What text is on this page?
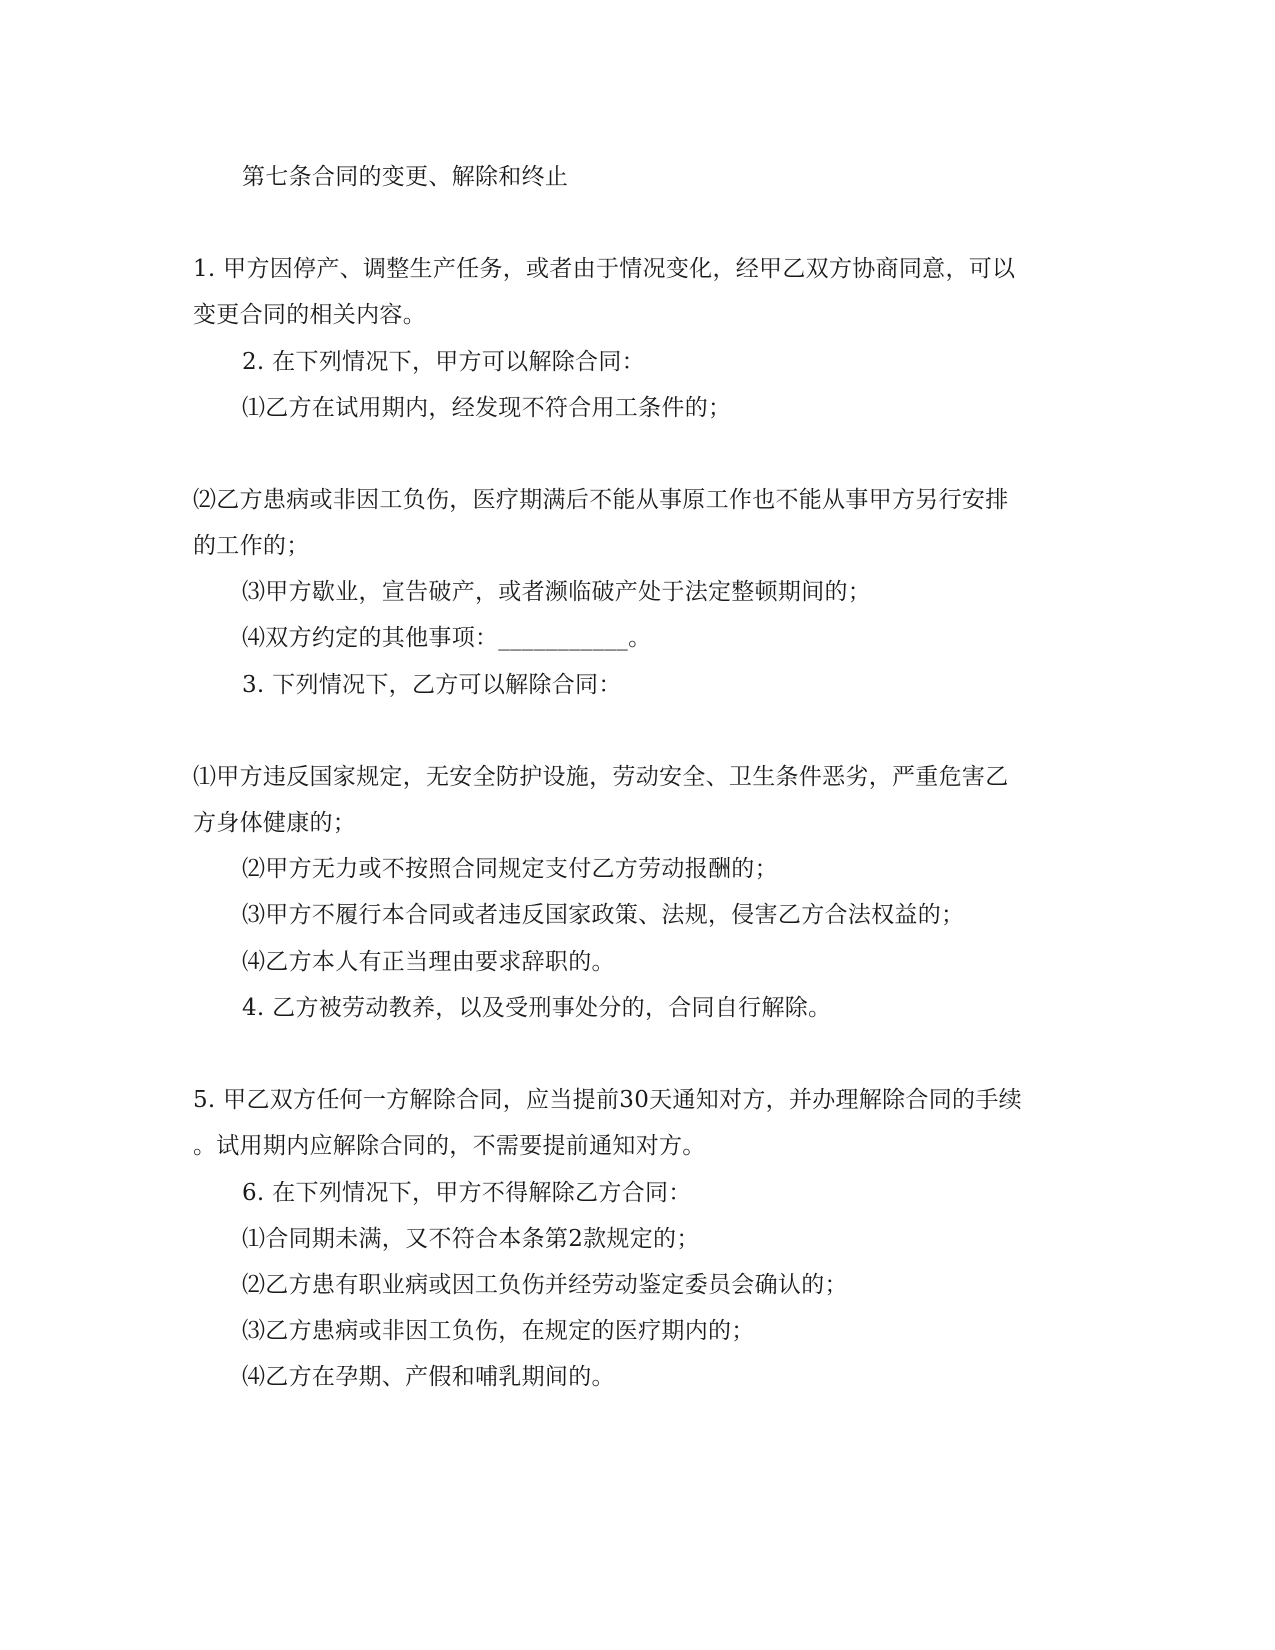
第七条合同的变更、解除和终止
1. 甲方因停产、调整生产任务，或者由于情况变化，经甲乙双方协商同意，可以
变更合同的相关内容。
2. 在下列情况下，甲方可以解除合同：
⑴乙方在试用期内，经发现不符合用工条件的；
⑵乙方患病或非因工负伤，医疗期满后不能从事原工作也不能从事甲方另行安排
的工作的；
⑶甲方歇业，宣告破产，或者濒临破产处于法定整顿期间的；
⑷双方约定的其他事项：___________。
3. 下列情况下，乙方可以解除合同：
⑴甲方违反国家规定，无安全防护设施，劳动安全、卫生条件恶劣，严重危害乙
方身体健康的；
⑵甲方无力或不按照合同规定支付乙方劳动报酬的；
⑶甲方不履行本合同或者违反国家政策、法规，侵害乙方合法权益的；
⑷乙方本人有正当理由要求辞职的。
4. 乙方被劳动教养，以及受刑事处分的，合同自行解除。
5. 甲乙双方任何一方解除合同，应当提前30天通知对方，并办理解除合同的手续
。试用期内应解除合同的，不需要提前通知对方。
6. 在下列情况下，甲方不得解除乙方合同：
⑴合同期未满，又不符合本条第2款规定的；
⑵乙方患有职业病或因工负伤并经劳动鉴定委员会确认的；
⑶乙方患病或非因工负伤，在规定的医疗期内的；
⑷乙方在孕期、产假和哺乳期间的。
